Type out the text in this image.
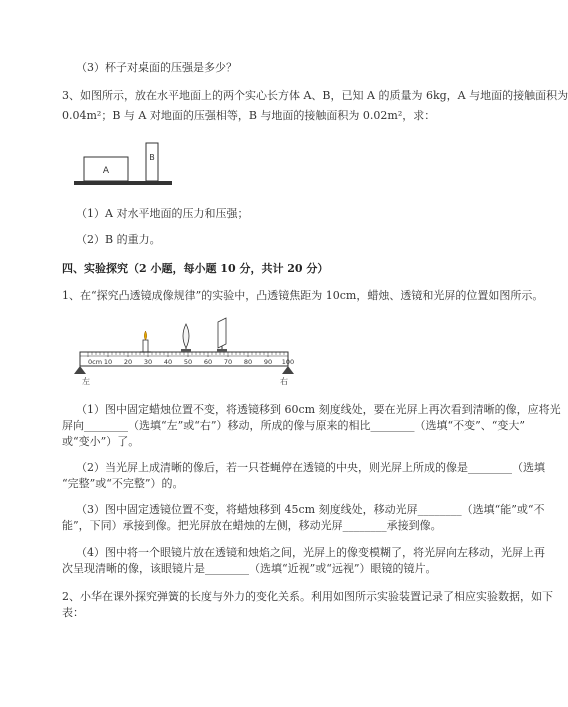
（3）杯子对桌面的压强是多少？
3、如图所示，放在水平地面上的两个实心长方体 A、B，已知 A 的质量为 6kg，A 与地面的接触面积为
0.04m²；B 与 A 对地面的压强相等，B 与地面的接触面积为 0.02m²，求：
A
B
（1）A 对水平地面的压力和压强；
（2）B 的重力。
四、实验探究（2 小题，每小题 10 分，共计 20 分）
1、在“探究凸透镜成像规律”的实验中，凸透镜焦距为 10cm，蜡烛、透镜和光屏的位置如图所示。
0cm 10 20 30 40 50 60 70 80 90 100
左	右
（1）图中固定蜡烛位置不变，将透镜移到 60cm 刻度线处，要在光屏上再次看到清晰的像，应将光
屏向________（选填“左”或“右”）移动，所成的像与原来的相比________（选填“不变”、“变大”
或“变小”）了。
（2）当光屏上成清晰的像后，若一只苍蝇停在透镜的中央，则光屏上所成的像是________（选填
“完整”或“不完整”）的。
（3）图中固定透镜位置不变，将蜡烛移到 45cm 刻度线处，移动光屏________（选填“能”或“不
能”，下同）承接到像。把光屏放在蜡烛的左侧，移动光屏________承接到像。
（4）图中将一个眼镜片放在透镜和烛焰之间，光屏上的像变模糊了，将光屏向左移动，光屏上再
次呈现清晰的像，该眼镜片是________（选填“近视”或“远视”）眼镜的镜片。
2、小华在课外探究弹簧的长度与外力的变化关系。利用如图所示实验装置记录了相应实验数据，如下
表：
